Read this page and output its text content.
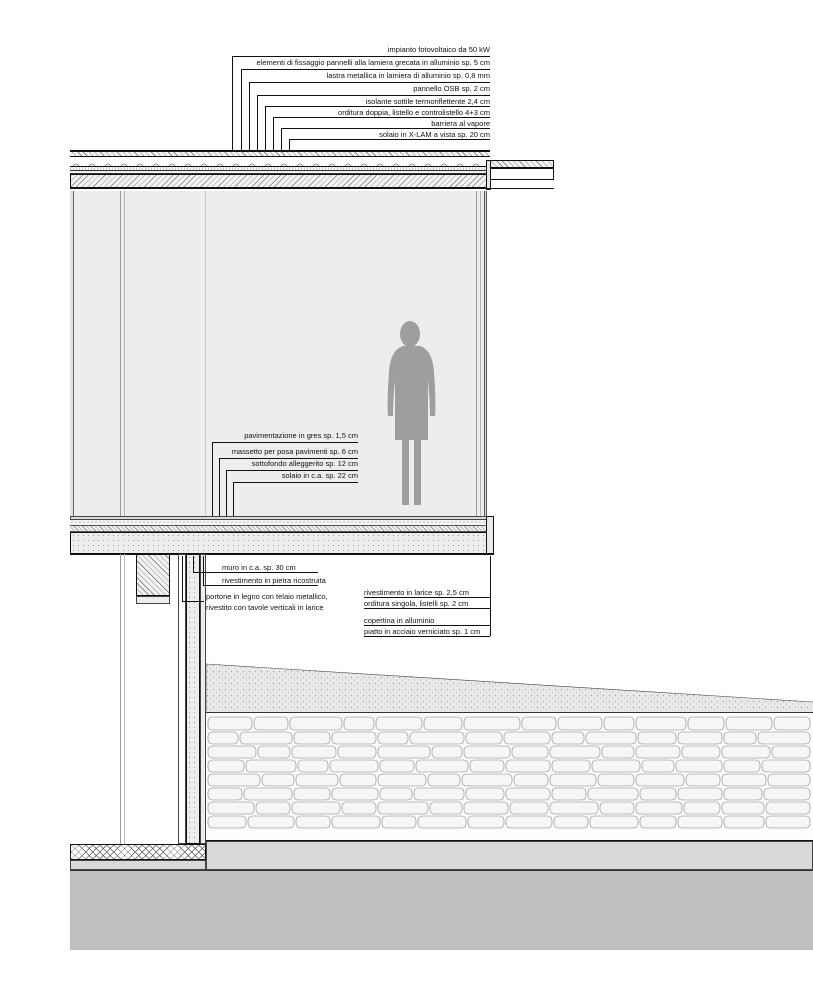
impianto fotovoltaico da 50 kW
elementi di fissaggio pannelli alla lamiera grecata in alluminio sp. 5 cm
lastra metallica in lamiera di alluminio sp. 0,8 mm
pannello OSB sp. 2 cm
isolante sottile termoriflettente 2,4 cm
orditura doppia, listello e controlistello 4+3 cm
barriera al vapore
solaio in X-LAM a vista sp. 20 cm
pavimentazione in gres sp. 1,5 cm
massetto per posa pavimenti sp. 6 cm
sottofondo alleggerito sp. 12 cm
solaio in c.a. sp. 22 cm
muro in c.a. sp. 30 cm
rivestimento in pietra ricostruita
portone in legno con telaio metallico,
rivestito con tavole verticali in larice
rivestimento in larice sp. 2,5 cm
orditura singola, listelli sp. 2 cm
copertina in alluminio
piatto in acciaio verniciato sp. 1 cm
